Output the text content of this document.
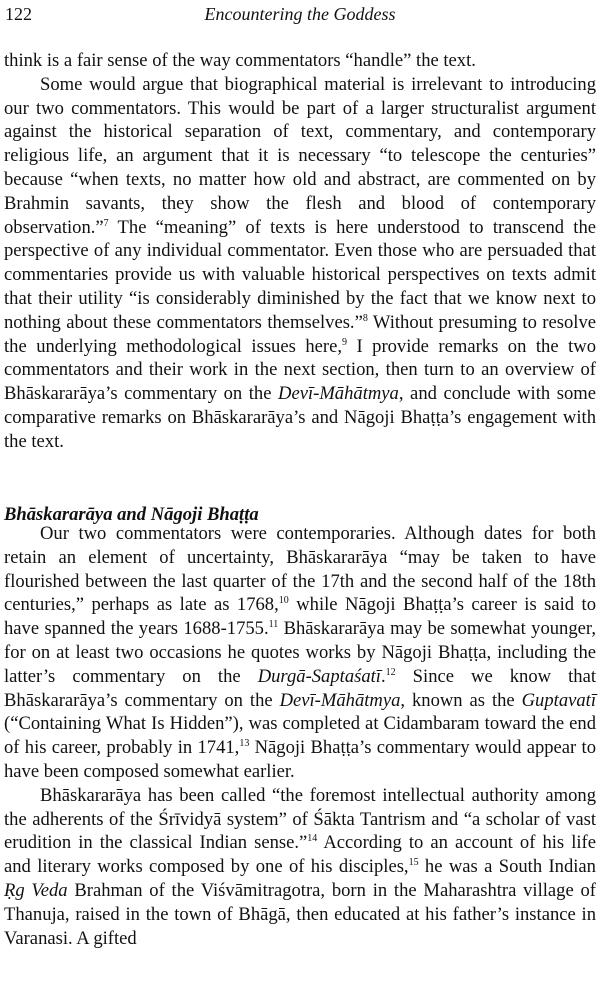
122	Encountering the Goddess

think is a fair sense of the way commentators “handle” the text.

Some would argue that biographical material is irrelevant to introducing our two commentators. This would be part of a larger structuralist argument against the historical separation of text, commentary, and contemporary religious life, an argument that it is necessary “to telescope the centuries” because “when texts, no matter how old and abstract, are commented on by Brahmin savants, they show the flesh and blood of contemporary observation.”$^7$ The “meaning” of texts is here understood to transcend the perspective of any individual commentator. Even those who are persuaded that commentaries provide us with valuable historical perspectives on texts admit that their utility “is considerably diminished by the fact that we know next to nothing about these commentators themselves.”$^8$ Without presuming to resolve the underlying methodological issues here,$^9$ I provide remarks on the two commentators and their work in the next section, then turn to an overview of Bhāskararāya’s commentary on the Devī-Māhātmya, and conclude with some comparative remarks on Bhāskararāya’s and Nāgoji Bhaṭṭa’s engagement with the text.

Bhāskararāya and Nāgoji Bhaṭṭa

Our two commentators were contemporaries. Although dates for both retain an element of uncertainty, Bhāskararāya “may be taken to have flourished between the last quarter of the 17th and the second half of the 18th centuries,” perhaps as late as 1768,10 while Nāgoji Bhaṭṭa’s career is said to have spanned the years 1688-1755.11 Bhāskararāya may be somewhat younger, for on at least two occasions he quotes works by Nāgoji Bhaṭṭa, including the latter’s commentary on the Durgā-Saptaśatī.$^{12}$ Since we know that Bhāskararāya’s commentary on the Devī-Māhātmya, known as the Guptavatī (“Containing What Is Hidden”), was completed at Cidambaram toward the end of his career, probably in 1741,13 Nāgoji Bhaṭṭa’s commentary would appear to have been composed somewhat earlier.

Bhāskararāya has been called “the foremost intellectual authority among the adherents of the Śrīvidyā system” of Śākta Tantrism and “a scholar of vast erudition in the classical Indian sense.”$^{14}$ According to an account of his life and literary works composed by one of his disciples,$^{15}$ he was a South Indian Ṛg Veda Brahman of the Viśvāmitragotra, born in the Maharashtra village of Thanuja, raised in the town of Bhāgā, then educated at his father’s instance in Varanasi. A gifted
